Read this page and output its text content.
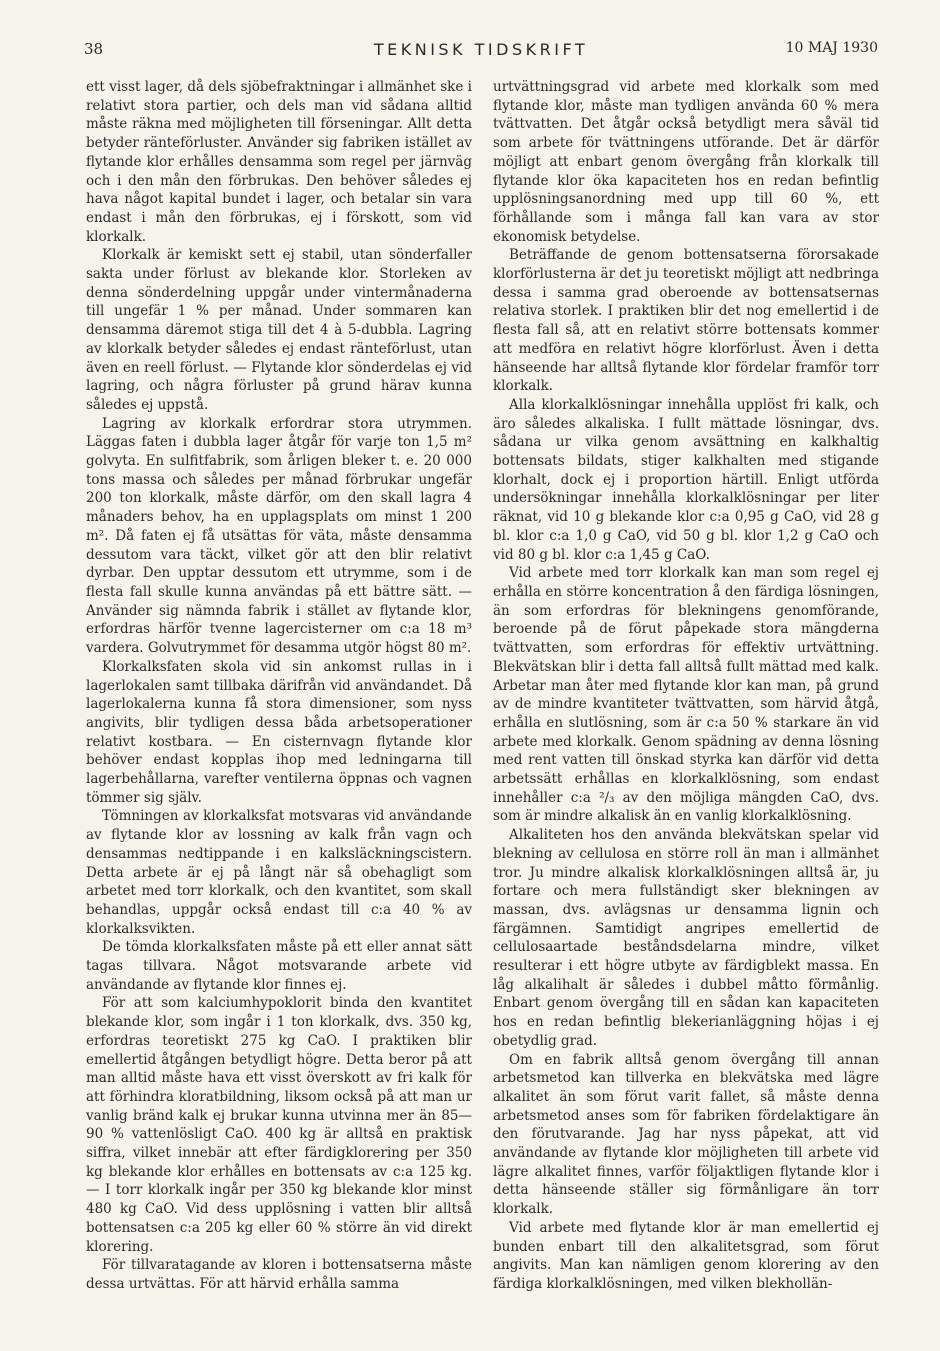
38	TEKNISK TIDSKRIFT	10 MAJ 1930

ett visst lager, då dels sjöbefraktningar i allmänhet ske i relativt stora partier, och dels man vid sådana alltid måste räkna med möjligheten till förseningar. Allt detta betyder ränteförluster. Använder sig fabriken istället av flytande klor erhålles densamma som regel per järnväg och i den mån den förbrukas. Den behöver således ej hava något kapital bundet i lager, och betalar sin vara endast i mån den förbrukas, ej i förskott, som vid klorkalk.

Klorkalk är kemiskt sett ej stabil, utan sönderfaller sakta under förlust av blekande klor. Storleken av denna sönderdelning uppgår under vintermånaderna till ungefär 1 % per månad. Under sommaren kan densamma däremot stiga till det 4 à 5-dubbla. Lagring av klorkalk betyder således ej endast ränteförlust, utan även en reell förlust. — Flytande klor sönderdelas ej vid lagring, och några förluster på grund härav kunna således ej uppstå.

Lagring av klorkalk erfordrar stora utrymmen. Läggas faten i dubbla lager åtgår för varje ton 1,5 m² golvyta. En sulfitfabrik, som årligen bleker t. e. 20 000 tons massa och således per månad förbrukar ungefär 200 ton klorkalk, måste därför, om den skall lagra 4 månaders behov, ha en upplagsplats om minst 1 200 m². Då faten ej få utsättas för väta, måste densamma dessutom vara täckt, vilket gör att den blir relativt dyrbar. Den upptar dessutom ett utrymme, som i de flesta fall skulle kunna användas på ett bättre sätt. — Använder sig nämnda fabrik i stället av flytande klor, erfordras härför tvenne lagercisterner om c:a 18 m³ vardera. Golvutrymmet för desamma utgör högst 80 m².

Klorkalksfaten skola vid sin ankomst rullas in i lagerlokalen samt tillbaka därifrån vid användandet. Då lagerlokalerna kunna få stora dimensioner, som nyss angivits, blir tydligen dessa båda arbetsoperationer relativt kostbara. — En cisternvagn flytande klor behöver endast kopplas ihop med ledningarna till lagerbehållarna, varefter ventilerna öppnas och vagnen tömmer sig själv.

Tömningen av klorkalksfat motsvaras vid användande av flytande klor av lossning av kalk från vagn och densammas nedtippande i en kalksläckningscistern. Detta arbete är ej på långt när så obehagligt som arbetet med torr klorkalk, och den kvantitet, som skall behandlas, uppgår också endast till c:a 40 % av klorkalksvikten.

De tömda klorkalksfaten måste på ett eller annat sätt tagas tillvara. Något motsvarande arbete vid användande av flytande klor finnes ej.

För att som kalciumhypoklorit binda den kvantitet blekande klor, som ingår i 1 ton klorkalk, dvs. 350 kg, erfordras teoretiskt 275 kg CaO. I praktiken blir emellertid åtgången betydligt högre. Detta beror på att man alltid måste hava ett visst överskott av fri kalk för att förhindra kloratbildning, liksom också på att man ur vanlig bränd kalk ej brukar kunna utvinna mer än 85—90 % vattenlösligt CaO. 400 kg är alltså en praktisk siffra, vilket innebär att efter färdigklorering per 350 kg blekande klor erhålles en bottensats av c:a 125 kg. — I torr klorkalk ingår per 350 kg blekande klor minst 480 kg CaO. Vid dess upplösning i vatten blir alltså bottensatsen c:a 205 kg eller 60 % större än vid direkt klorering.

För tillvaratagande av kloren i bottensatserna måste dessa urtvättas. För att härvid erhålla samma

urtvättningsgrad vid arbete med klorkalk som med flytande klor, måste man tydligen använda 60 % mera tvättvatten. Det åtgår också betydligt mera såväl tid som arbete för tvättningens utförande. Det är därför möjligt att enbart genom övergång från klorkalk till flytande klor öka kapaciteten hos en redan befintlig upplösningsanordning med upp till 60 %, ett förhållande som i många fall kan vara av stor ekonomisk betydelse.

Beträffande de genom bottensatserna förorsakade klorförlusterna är det ju teoretiskt möjligt att nedbringa dessa i samma grad oberoende av bottensatsernas relativa storlek. I praktiken blir det nog emellertid i de flesta fall så, att en relativt större bottensats kommer att medföra en relativt högre klorförlust. Även i detta hänseende har alltså flytande klor fördelar framför torr klorkalk.

Alla klorkalklösningar innehålla upplöst fri kalk, och äro således alkaliska. I fullt mättade lösningar, dvs. sådana ur vilka genom avsättning en kalkhaltig bottensats bildats, stiger kalkhalten med stigande klorhalt, dock ej i proportion härtill. Enligt utförda undersökningar innehålla klorkalklösningar per liter räknat, vid 10 g blekande klor c:a 0,95 g CaO, vid 28 g bl. klor c:a 1,0 g CaO, vid 50 g bl. klor 1,2 g CaO och vid 80 g bl. klor c:a 1,45 g CaO.

Vid arbete med torr klorkalk kan man som regel ej erhålla en större koncentration å den färdiga lösningen, än som erfordras för blekningens genomförande, beroende på de förut påpekade stora mängderna tvättvatten, som erfordras för effektiv urtvättning. Blekvätskan blir i detta fall alltså fullt mättad med kalk. Arbetar man åter med flytande klor kan man, på grund av de mindre kvantiteter tvättvatten, som härvid åtgå, erhålla en slutlösning, som är c:a 50 % starkare än vid arbete med klorkalk. Genom spädning av denna lösning med rent vatten till önskad styrka kan därför vid detta arbetssätt erhållas en klorkalklösning, som endast innehåller c:a ²/₃ av den möjliga mängden CaO, dvs. som är mindre alkalisk än en vanlig klorkalklösning.

Alkaliteten hos den använda blekvätskan spelar vid blekning av cellulosa en större roll än man i allmänhet tror. Ju mindre alkalisk klorkalklösningen alltså är, ju fortare och mera fullständigt sker blekningen av massan, dvs. avlägsnas ur densamma lignin och färgämnen. Samtidigt angripes emellertid de cellulosaartade beståndsdelarna mindre, vilket resulterar i ett högre utbyte av färdigblekt massa. En låg alkalihalt är således i dubbel måtto förmånlig. Enbart genom övergång till en sådan kan kapaciteten hos en redan befintlig blekerianläggning höjas i ej obetydlig grad.

Om en fabrik alltså genom övergång till annan arbetsmetod kan tillverka en blekvätska med lägre alkalitet än som förut varit fallet, så måste denna arbetsmetod anses som för fabriken fördelaktigare än den förutvarande. Jag har nyss påpekat, att vid användande av flytande klor möjligheten till arbete vid lägre alkalitet finnes, varför följaktligen flytande klor i detta hänseende ställer sig förmånligare än torr klorkalk.

Vid arbete med flytande klor är man emellertid ej bunden enbart till den alkalitetsgrad, som förut angivits. Man kan nämligen genom klorering av den färdiga klorkalklösningen, med vilken blekhollän-
